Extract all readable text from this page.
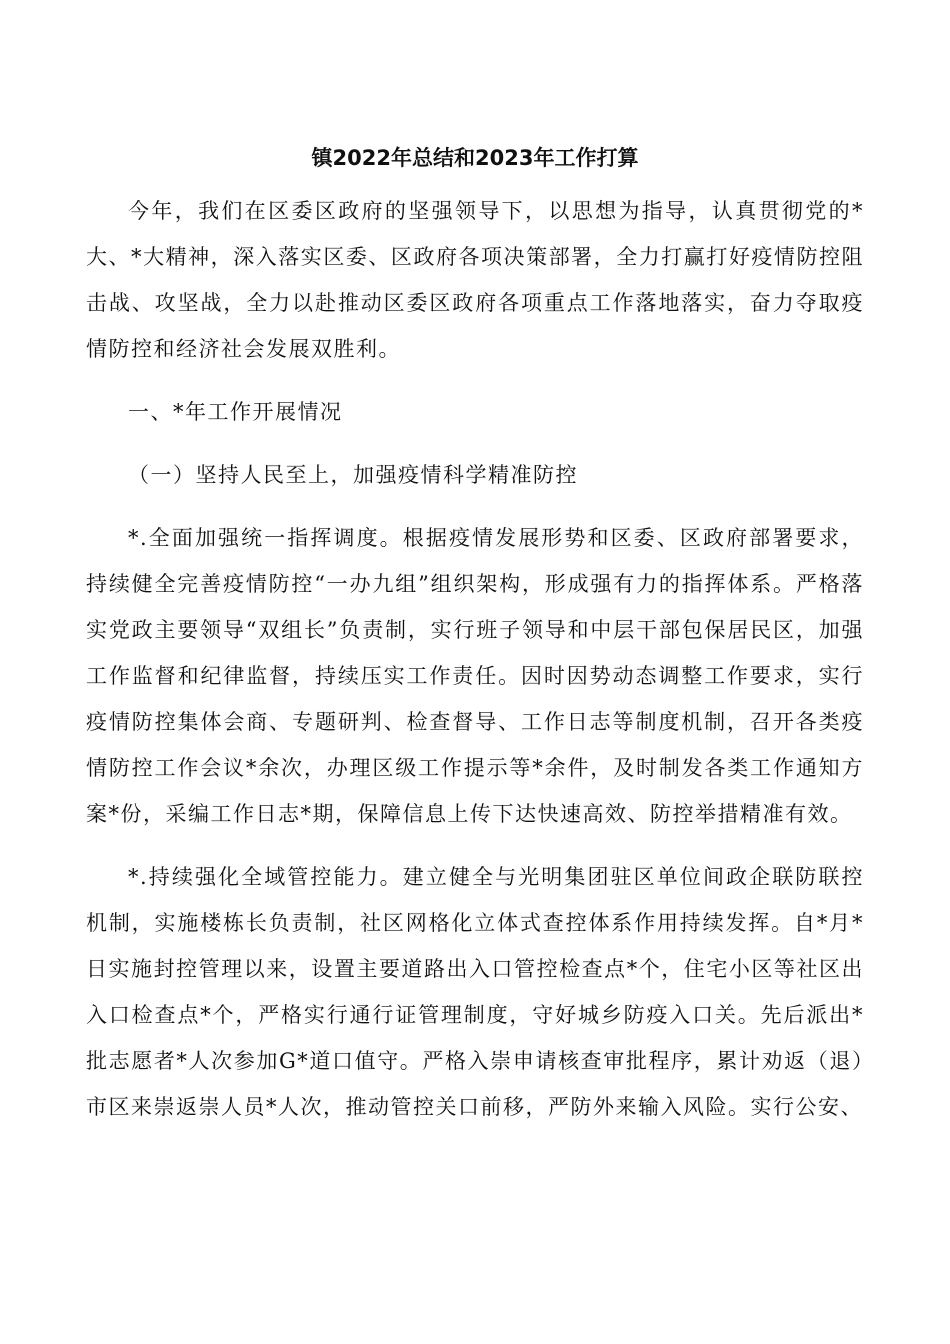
镇2022年总结和2023年工作打算

今年，我们在区委区政府的坚强领导下，以思想为指导，认真贯彻党的*大、*大精神，深入落实区委、区政府各项决策部署，全力打赢打好疫情防控阻击战、攻坚战，全力以赴推动区委区政府各项重点工作落地落实，奋力夺取疫情防控和经济社会发展双胜利。

一、*年工作开展情况

（一）坚持人民至上，加强疫情科学精准防控

*.全面加强统一指挥调度。根据疫情发展形势和区委、区政府部署要求，持续健全完善疫情防控“一办九组”组织架构，形成强有力的指挥体系。严格落实党政主要领导“双组长”负责制，实行班子领导和中层干部包保居民区，加强工作监督和纪律监督，持续压实工作责任。因时因势动态调整工作要求，实行疫情防控集体会商、专题研判、检查督导、工作日志等制度机制，召开各类疫情防控工作会议*余次，办理区级工作提示等*余件，及时制发各类工作通知方案*份，采编工作日志*期，保障信息上传下达快速高效、防控举措精准有效。

*.持续强化全域管控能力。建立健全与光明集团驻区单位间政企联防联控机制，实施楼栋长负责制，社区网格化立体式查控体系作用持续发挥。自*月*日实施封控管理以来，设置主要道路出入口管控检查点*个，住宅小区等社区出入口检查点*个，严格实行通行证管理制度，守好城乡防疫入口关。先后派出*批志愿者*人次参加G*道口值守。严格入崇申请核查审批程序，累计劝返（退）市区来崇返崇人员*人次，推动管控关口前移，严防外来输入风险。实行公安、
